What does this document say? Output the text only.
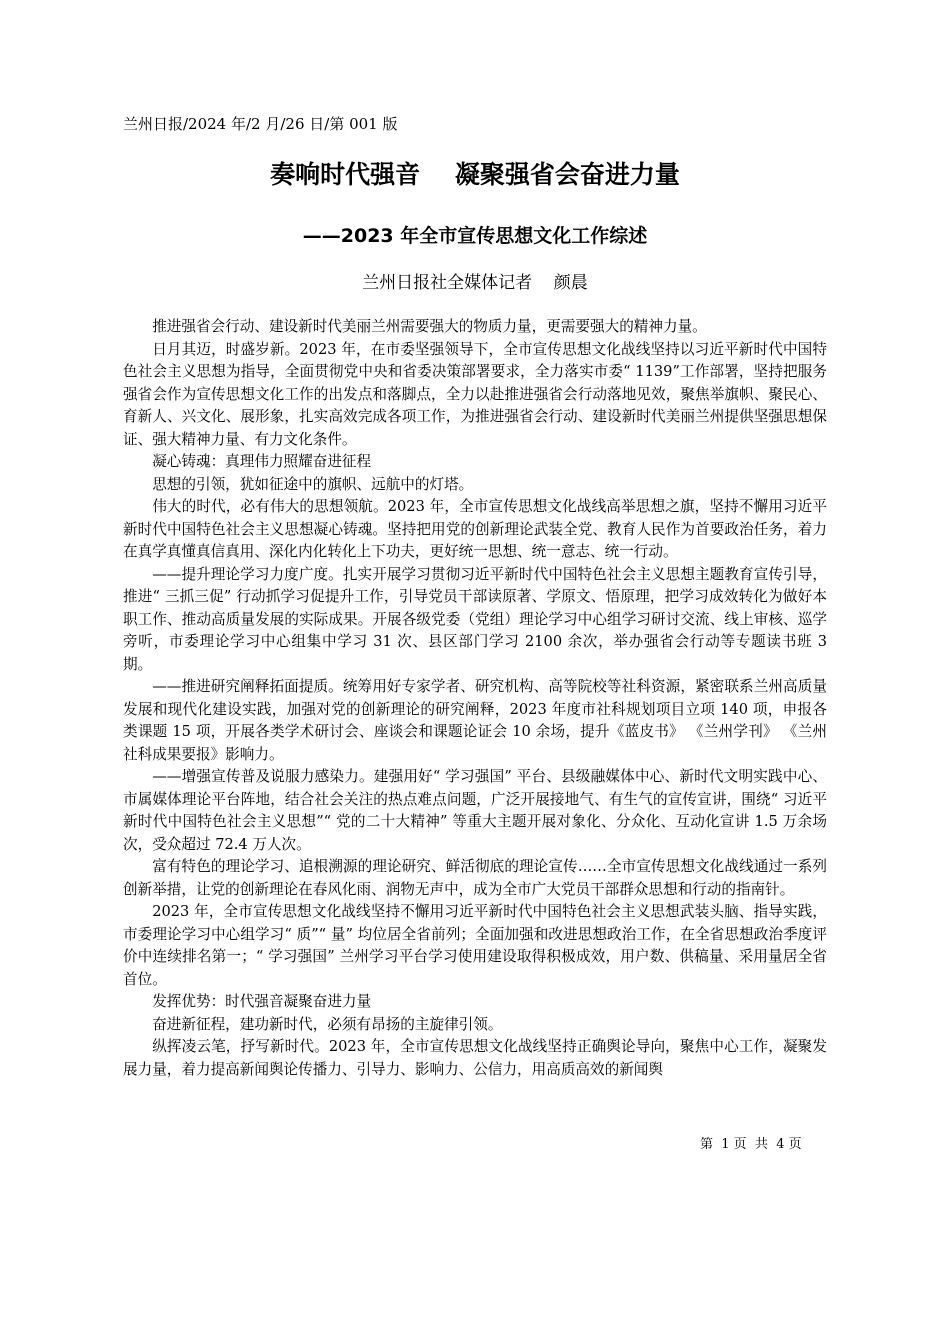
兰州日报/2024 年/2 月/26 日/第 001 版
奏响时代强音    凝聚强省会奋进力量
——2023 年全市宣传思想文化工作综述
兰州日报社全媒体记者    颜晨

推进强省会行动、建设新时代美丽兰州需要强大的物质力量，更需要强大的精神力量。

日月其迈，时盛岁新。2023 年，在市委坚强领导下，全市宣传思想文化战线坚持以习近平新时代中国特色社会主义思想为指导，全面贯彻党中央和省委决策部署要求，全力落实市委“ 1139”工作部署，坚持把服务强省会作为宣传思想文化工作的出发点和落脚点，全力以赴推进强省会行动落地见效，聚焦举旗帜、聚民心、育新人、兴文化、展形象，扎实高效完成各项工作，为推进强省会行动、建设新时代美丽兰州提供坚强思想保证、强大精神力量、有力文化条件。

凝心铸魂：真理伟力照耀奋进征程

思想的引领，犹如征途中的旗帜、远航中的灯塔。

伟大的时代，必有伟大的思想领航。2023 年，全市宣传思想文化战线高举思想之旗，坚持不懈用习近平新时代中国特色社会主义思想凝心铸魂。坚持把用党的创新理论武装全党、教育人民作为首要政治任务，着力在真学真懂真信真用、深化内化转化上下功夫，更好统一思想、统一意志、统一行动。

——提升理论学习力度广度。扎实开展学习贯彻习近平新时代中国特色社会主义思想主题教育宣传引导，推进“ 三抓三促” 行动抓学习促提升工作，引导党员干部读原著、学原文、悟原理，把学习成效转化为做好本职工作、推动高质量发展的实际成果。开展各级党委（党组）理论学习中心组学习研讨交流、线上审核、巡学旁听，市委理论学习中心组集中学习 31 次、县区部门学习 2100 余次，举办强省会行动等专题读书班 3 期。

——推进研究阐释拓面提质。统筹用好专家学者、研究机构、高等院校等社科资源，紧密联系兰州高质量发展和现代化建设实践，加强对党的创新理论的研究阐释，2023 年度市社科规划项目立项 140 项，申报各类课题 15 项，开展各类学术研讨会、座谈会和课题论证会 10 余场，提升《蓝皮书》 《兰州学刊》 《兰州社科成果要报》影响力。

——增强宣传普及说服力感染力。建强用好“ 学习强国” 平台、县级融媒体中心、新时代文明实践中心、市属媒体理论平台阵地，结合社会关注的热点难点问题，广泛开展接地气、有生气的宣传宣讲，围绕“ 习近平新时代中国特色社会主义思想”“ 党的二十大精神” 等重大主题开展对象化、分众化、互动化宣讲 1.5 万余场次，受众超过 72.4 万人次。

富有特色的理论学习、追根溯源的理论研究、鲜活彻底的理论宣传……全市宣传思想文化战线通过一系列创新举措，让党的创新理论在春风化雨、润物无声中，成为全市广大党员干部群众思想和行动的指南针。

2023 年，全市宣传思想文化战线坚持不懈用习近平新时代中国特色社会主义思想武装头脑、指导实践，市委理论学习中心组学习“ 质”“ 量” 均位居全省前列；全面加强和改进思想政治工作，在全省思想政治季度评价中连续排名第一；“ 学习强国” 兰州学习平台学习使用建设取得积极成效，用户数、供稿量、采用量居全省首位。

发挥优势：时代强音凝聚奋进力量

奋进新征程，建功新时代，必须有昂扬的主旋律引领。

纵挥凌云笔，抒写新时代。2023 年，全市宣传思想文化战线坚持正确舆论导向，聚焦中心工作，凝聚发展力量，着力提高新闻舆论传播力、引导力、影响力、公信力，用高质高效的新闻舆

第  1 页  共  4 页
